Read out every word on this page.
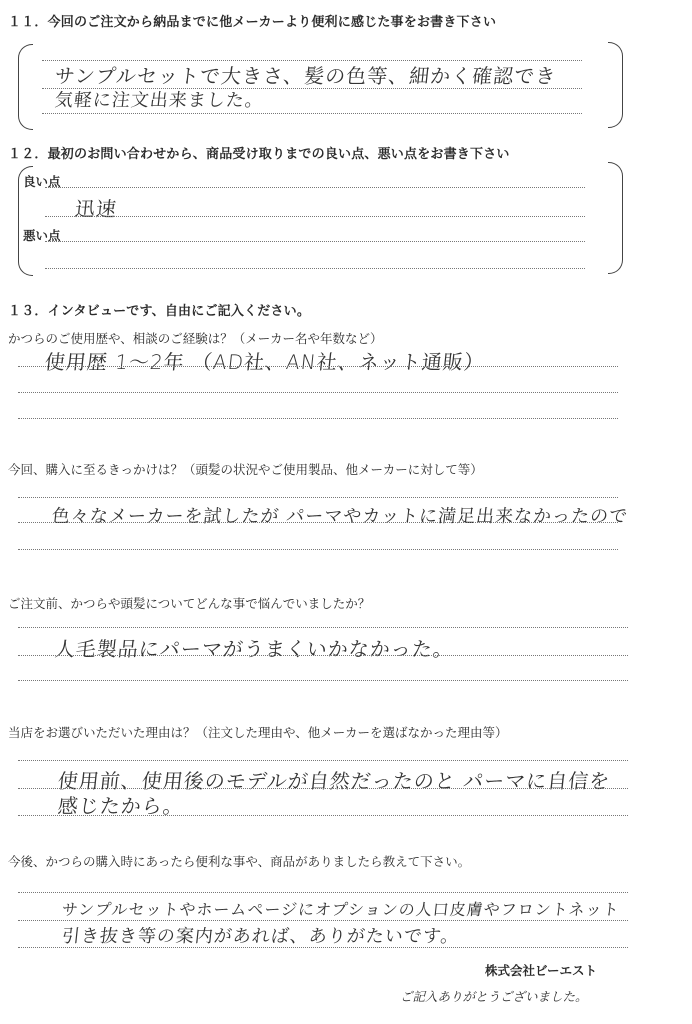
１１．今回のご注文から納品までに他メーカーより便利に感じた事をお書き下さい
サンプルセットで大きさ、髪の色等、細かく確認でき
気軽に注文出来ました。
１２．最初のお問い合わせから、商品受け取りまでの良い点、悪い点をお書き下さい
良い点
迅速
悪い点
１３．インタビューです、自由にご記入ください。
かつらのご使用歴や、相談のご経験は？（メーカー名や年数など）
使用歴 1〜2年 （AD社、AN社、ネット通販）
今回、購入に至るきっかけは？（頭髪の状況やご使用製品、他メーカーに対して等）
色々なメーカーを試したが パーマやカットに満足出来なかったので
ご注文前、かつらや頭髪についてどんな事で悩んでいましたか？
人毛製品にパーマがうまくいかなかった。
当店をお選びいただいた理由は？（注文した理由や、他メーカーを選ばなかった理由等）
使用前、使用後のモデルが自然だったのと パーマに自信を
感じたから。
今後、かつらの購入時にあったら便利な事や、商品がありましたら教えて下さい。
サンプルセットやホームページにオプションの人口皮膚やフロントネット
引き抜き等の案内があれば、ありがたいです。
株式会社ビーエスト
ご記入ありがとうございました。
